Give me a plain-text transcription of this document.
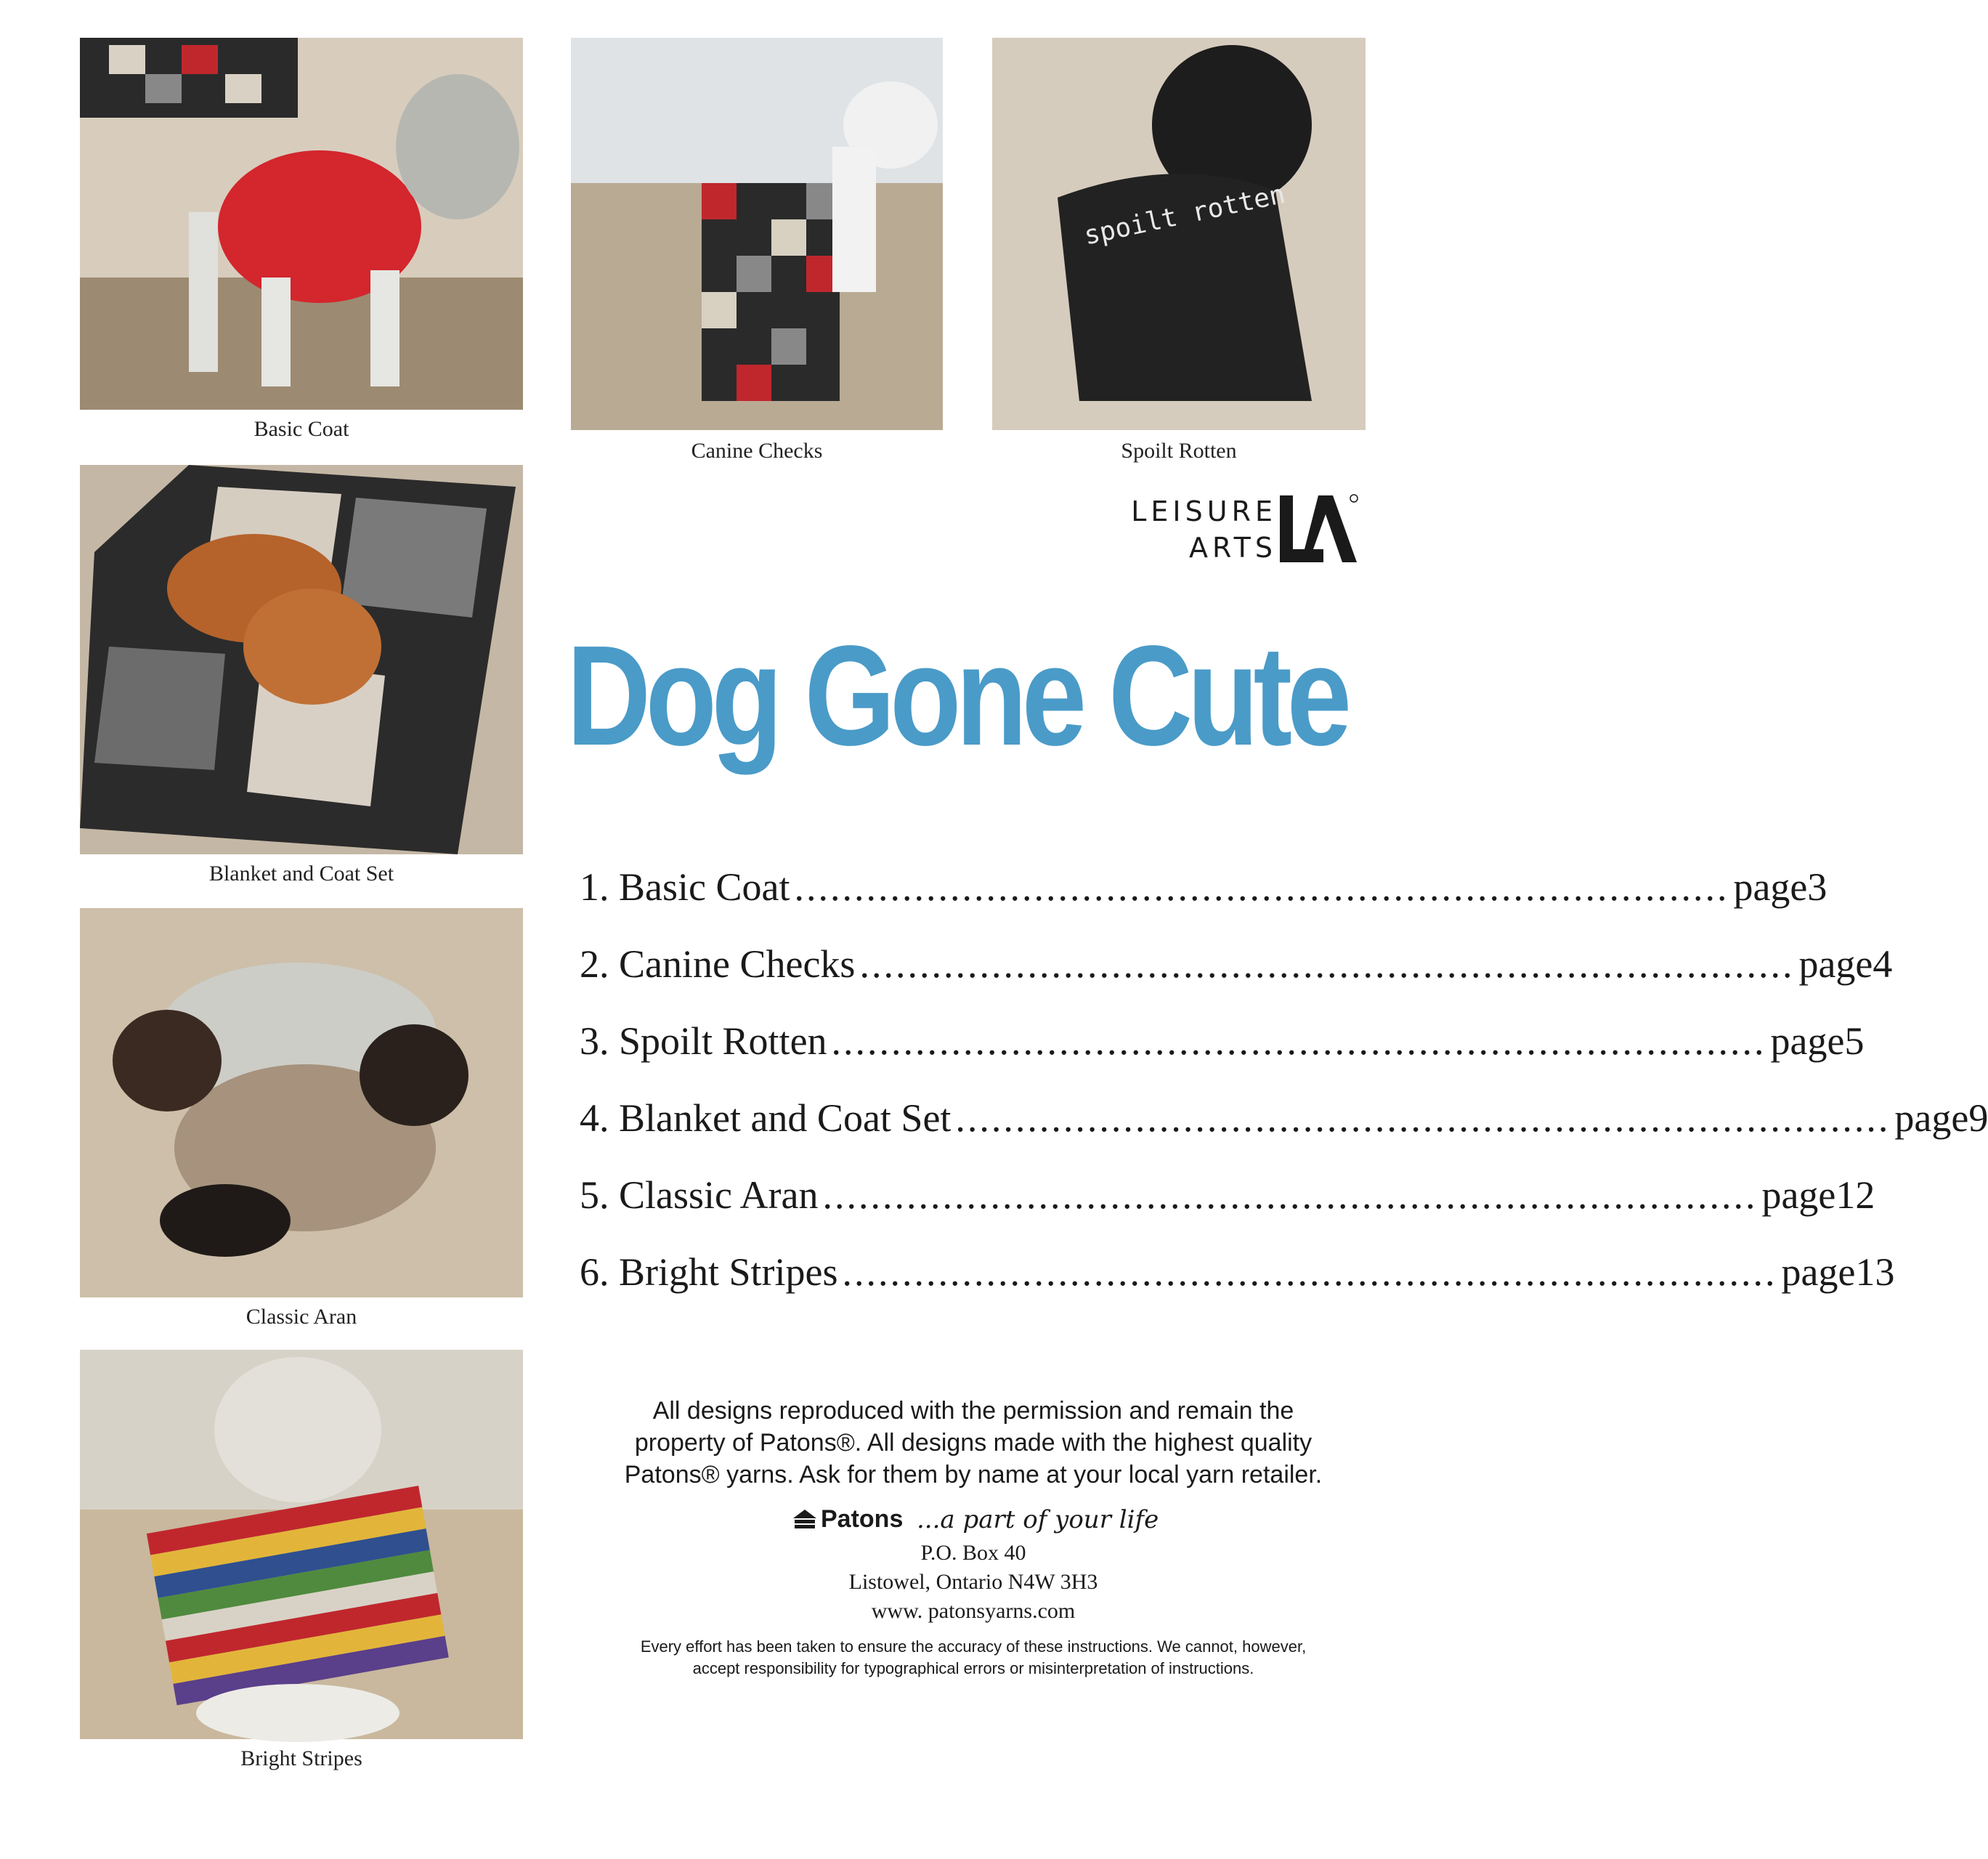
Basic Coat
Canine Checks
spoilt rotten
Spoilt Rotten
Blanket and Coat Set
Classic Aran
Bright Stripes
LEISURE
ARTS
Dog Gone Cute
1. Basic Coat .............................................................................. page 3
2. Canine Checks .............................................................................. page 4
3. Spoilt Rotten .............................................................................. page 5
4. Blanket and Coat Set .............................................................................. page 9
5. Classic Aran .............................................................................. page 12
6. Bright Stripes .............................................................................. page 13
All designs reproduced with the permission and remain the
property of Patons®. All designs made with the highest quality
Patons® yarns. Ask for them by name at your local yarn retailer.
Patons ...a part of your life
P.O. Box 40
Listowel, Ontario N4W 3H3
www. patonsyarns.com
Every effort has been taken to ensure the accuracy of these instructions. We cannot, however,
accept responsibility for typographical errors or misinterpretation of instructions.
